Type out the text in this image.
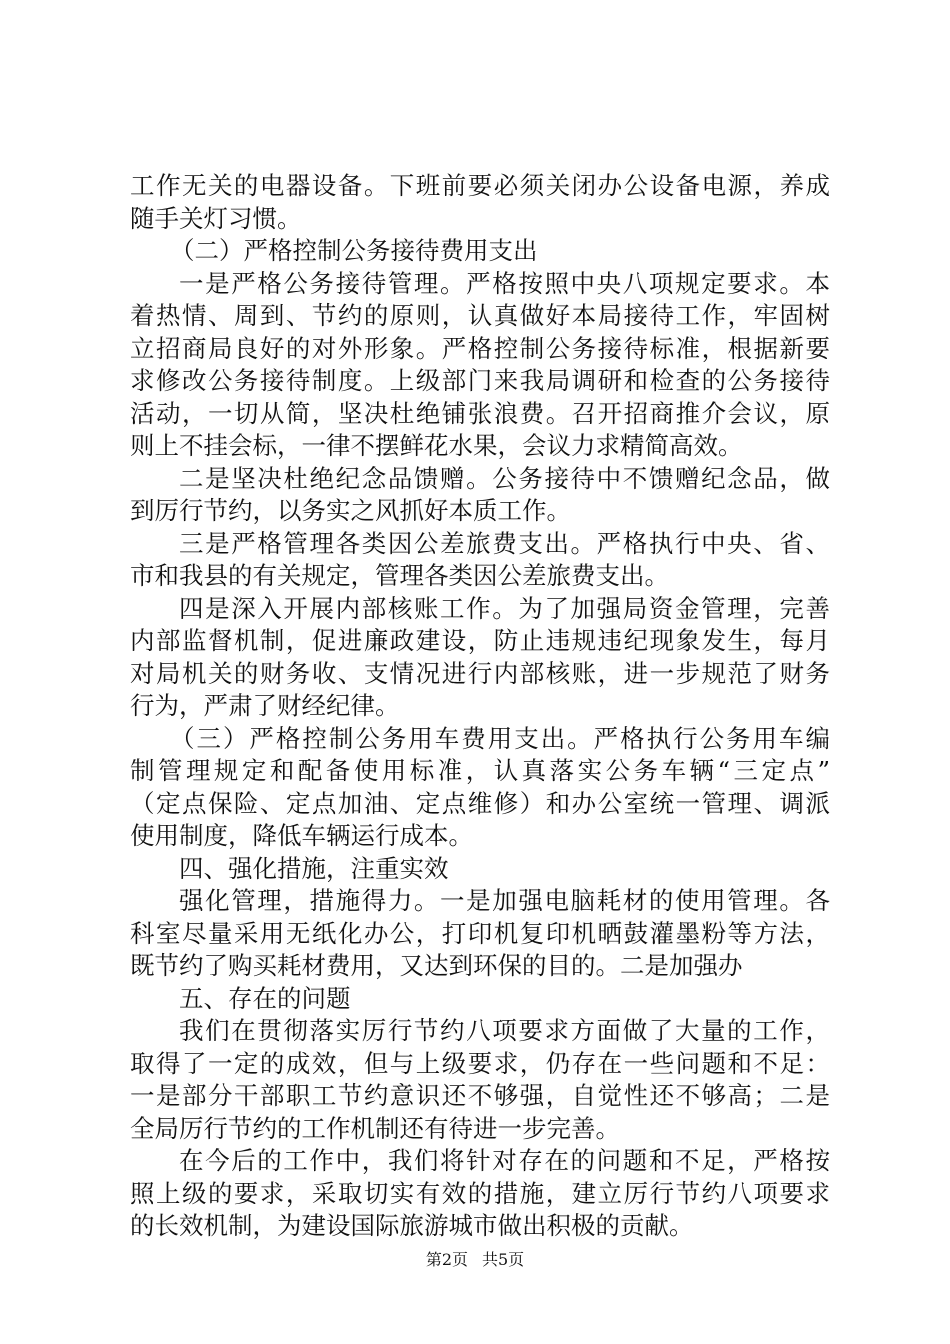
工作无关的电器设备。下班前要必须关闭办公设备电源，养成
随手关灯习惯。
（二）严格控制公务接待费用支出
一是严格公务接待管理。严格按照中央八项规定要求。本
着热情、周到、节约的原则，认真做好本局接待工作，牢固树
立招商局良好的对外形象。严格控制公务接待标准，根据新要
求修改公务接待制度。上级部门来我局调研和检查的公务接待
活动，一切从简，坚决杜绝铺张浪费。召开招商推介会议，原
则上不挂会标，一律不摆鲜花水果，会议力求精简高效。
二是坚决杜绝纪念品馈赠。公务接待中不馈赠纪念品，做
到厉行节约，以务实之风抓好本质工作。
三是严格管理各类因公差旅费支出。严格执行中央、省、
市和我县的有关规定，管理各类因公差旅费支出。
四是深入开展内部核账工作。为了加强局资金管理，完善
内部监督机制，促进廉政建设，防止违规违纪现象发生，每月
对局机关的财务收、支情况进行内部核账，进一步规范了财务
行为，严肃了财经纪律。
（三）严格控制公务用车费用支出。严格执行公务用车编
制管理规定和配备使用标准，认真落实公务车辆“三定点”
（定点保险、定点加油、定点维修）和办公室统一管理、调派
使用制度，降低车辆运行成本。
四、强化措施，注重实效
强化管理，措施得力。一是加强电脑耗材的使用管理。各
科室尽量采用无纸化办公，打印机复印机晒鼓灌墨粉等方法，
既节约了购买耗材费用，又达到环保的目的。二是加强办
五、存在的问题
我们在贯彻落实厉行节约八项要求方面做了大量的工作，
取得了一定的成效，但与上级要求，仍存在一些问题和不足：
一是部分干部职工节约意识还不够强，自觉性还不够高；二是
全局厉行节约的工作机制还有待进一步完善。
在今后的工作中，我们将针对存在的问题和不足，严格按
照上级的要求，采取切实有效的措施，建立厉行节约八项要求
的长效机制，为建设国际旅游城市做出积极的贡献。
第2页 共5页
